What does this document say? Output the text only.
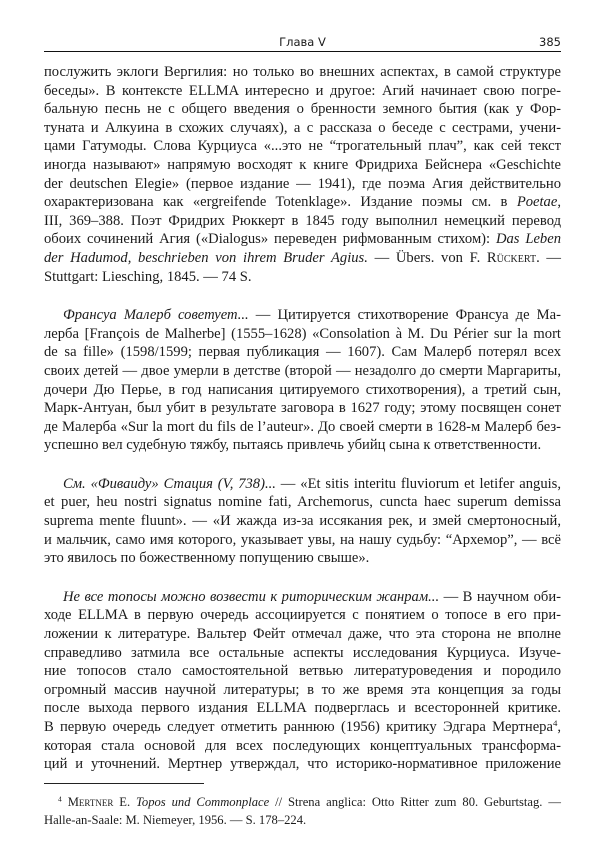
Глава V	385
послужить эклоги Вергилия: но только во внешних аспектах, в самой структуре
беседы». В контексте ELLMA интересно и другое: Агий начинает свою погре-
бальную песнь не с общего введения о бренности земного бытия (как у Фор-
туната и Алкуина в схожих случаях), а с рассказа о беседе с сестрами, учени-
цами Гатумоды. Слова Курциуса «...это не “трогательный плач”, как сей текст
иногда называют» напрямую восходят к книге Фридриха Бейснера «Geschichte
der deutschen Elegie» (первое издание — 1941), где поэма Агия действительно
охарактеризована как «ergreifende Totenklage». Издание поэмы см. в Poetae,
III, 369–388. Поэт Фридрих Рюккерт в 1845 году выполнил немецкий перевод
обоих сочинений Агия («Dialogus» переведен рифмованным стихом): Das Leben
der Hadumod, beschrieben von ihrem Bruder Agius. — Übers. von F. Rückert. —
Stuttgart: Liesching, 1845. — 74 S.
Франсуа Малерб советует... — Цитируется стихотворение Франсуа де Ма-
лерба [François de Malherbe] (1555–1628) «Consolation à M. Du Périer sur la mort
de sa fille» (1598/1599; первая публикация — 1607). Сам Малерб потерял всех
своих детей — двое умерли в детстве (второй — незадолго до смерти Маргариты,
дочери Дю Перье, в год написания цитируемого стихотворения), а третий сын,
Марк-Антуан, был убит в результате заговора в 1627 году; этому посвящен сонет
де Малерба «Sur la mort du fils de l’auteur». До своей смерти в 1628-м Малерб без-
успешно вел судебную тяжбу, пытаясь привлечь убийц сына к ответственности.
См. «Фиваиду» Стация (V, 738)... — «Et sitis interitu fluviorum et letifer anguis,
et puer, heu nostri signatus nomine fati, Archemorus, cuncta haec superum demissa
suprema mente fluunt». — «И жажда из-за иссякания рек, и змей смертоносный,
и мальчик, само имя которого, указывает увы, на нашу судьбу: “Архемор”, — всё
это явилось по божественному попущению свыше».
Не все топосы можно возвести к риторическим жанрам... — В научном оби-
ходе ELLMA в первую очередь ассоциируется с понятием о топосе в его при-
ложении к литературе. Вальтер Фейт отмечал даже, что эта сторона не вполне
справедливо затмила все остальные аспекты исследования Курциуса. Изуче-
ние топосов стало самостоятельной ветвью литературоведения и породило
огромный массив научной литературы; в то же время эта концепция за годы
после выхода первого издания ELLMA подверглась и всесторонней критике.
В первую очередь следует отметить раннюю (1956) критику Эдгара Мертнера$^4$,
которая стала основой для всех последующих концептуальных трансформа-
ций и уточнений. Мертнер утверждал, что историко-нормативное приложение
$^4$ Mertner E. Topos und Commonplace // Strena anglica: Otto Ritter zum 80. Geburtstag. —
Halle-an-Saale: M. Niemeyer, 1956. — S. 178–224.
